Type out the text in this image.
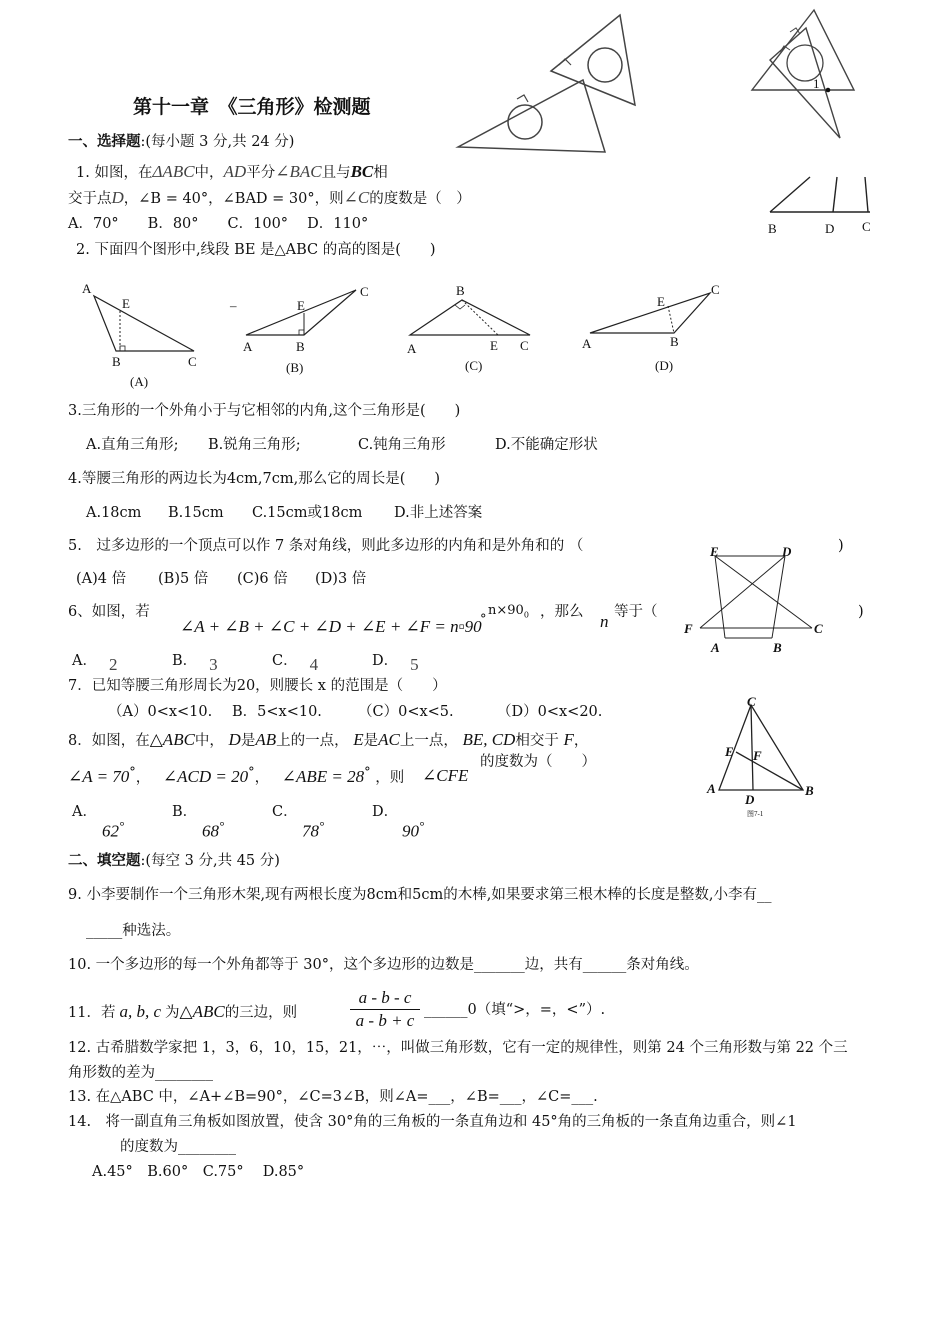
第十一章　《三角形》检测题
1
一、选择题:(每小题 3 分,共 24 分)
1. 如图，在ΔABC中，AD平分∠BAC且与BC相
交于点D，∠B = 40°，∠BAD = 30°，则∠C的度数是（　）
A．70°　　B．80°　　C．100°　 D．110°	B	D C
2. 下面四个图形中,线段 BE 是△ABC 的高的图是(　　)
A
E
B	C
(A)
–
A
E
B
C
(B)
B
A	E C
(C)
A
E
B
C
(D)
3.三角形的一个外角小于与它相邻的内角,这个三角形是(　　)
A.直角三角形; B.锐角三角形;	C.钝角三角形	D.不能确定形状
4.等腰三角形的两边长为4cm,7cm,那么它的周长是(　　)
A.18cm B.15cm C.15cm或18cm D.非上述答案
5.　过多边形的一个顶点可以作 7 条对角线，则此多边形的内角和是外角和的 （	)
(A)4 倍 (B)5 倍 (C)6 倍 (D)3 倍
E	D
F	C
A	B
6、如图，若
∠A + ∠B + ∠C + ∠D + ∠E + ∠F = n▫90
°
$n\times 90_0$ ，那么 n 等于（	)
A． 2	B． 3	C． 4	D． 5
7．已知等腰三角形周长为20，则腰长 x 的范围是（　　）
（A）0<x<10. B．5<x<10. （C）0<x<5.	（D）0<x<20.
C
E F
A
D
B
图7-1
8．如图，在△ABC中， D是AB上的一点， E是AC上一点， BE, CD相交于 F，
∠A = 70°， ∠ACD = 20°， ∠ABE = 28° ，则 ∠CFE
的度数为（　　）
A．
62°
B．
68°
C．
78°
D．
90°
二、填空题:(每空 3 分,共 45 分)
9. 小李要制作一个三角形木架,现有两根长度为8cm和5cm的木棒,如果要求第三根木棒的长度是整数,小李有__
_____种选法。
10. 一个多边形的每一个外角都等于 30°，这个多边形的边数是_______边，共有______条对角线。
11．若 a, b, c 为△ABC的三边，则
a - b - c
a - b + c
______0（填“>，=，<”）.
12. 古希腊数学家把 1，3，6，10，15，21，⋯，叫做三角形数，它有一定的规律性，则第 24 个三角形数与第 22 个三
角形数的差为________
13. 在△ABC 中，∠A+∠B=90°，∠C=3∠B，则∠A=___，∠B=___，∠C=___.
14.　将一副直角三角板如图放置，使含 30°角的三角板的一条直角边和 45°角的三角板的一条直角边重合，则∠1
的度数为________
A.45°　B.60°　C.75°　 D.85°
